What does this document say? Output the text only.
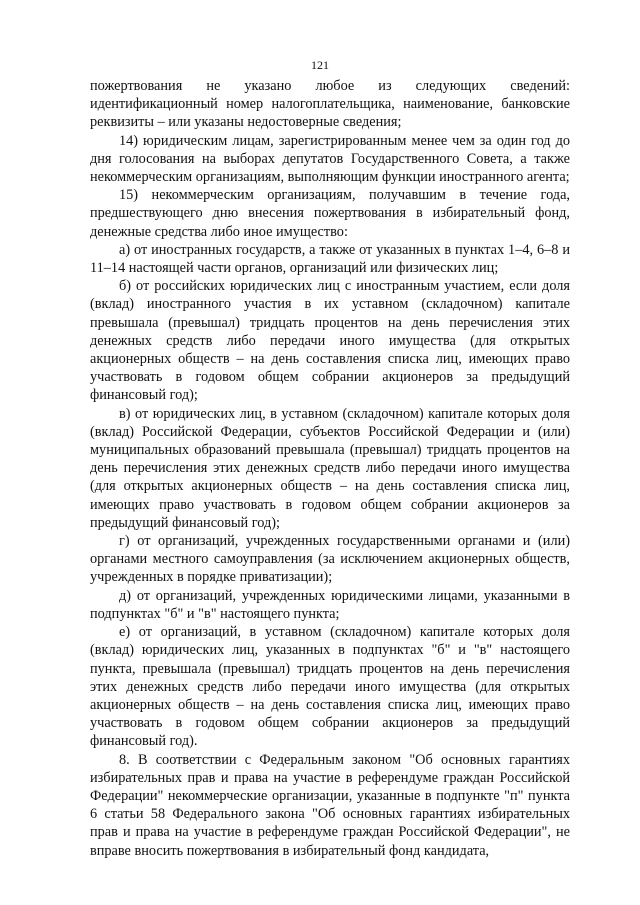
121

пожертвования не указано любое из следующих сведений: идентификационный номер налогоплательщика, наименование, банковские реквизиты – или указаны недостоверные сведения;

14) юридическим лицам, зарегистрированным менее чем за один год до дня голосования на выборах депутатов Государственного Совета, а также некоммерческим организациям, выполняющим функции иностранного агента;

15) некоммерческим организациям, получавшим в течение года, предшествующего дню внесения пожертвования в избирательный фонд, денежные средства либо иное имущество:

а) от иностранных государств, а также от указанных в пунктах 1–4, 6–8 и 11–14 настоящей части органов, организаций или физических лиц;

б) от российских юридических лиц с иностранным участием, если доля (вклад) иностранного участия в их уставном (складочном) капитале превышала (превышал) тридцать процентов на день перечисления этих денежных средств либо передачи иного имущества (для открытых акционерных обществ – на день составления списка лиц, имеющих право участвовать в годовом общем собрании акционеров за предыдущий финансовый год);

в) от юридических лиц, в уставном (складочном) капитале которых доля (вклад) Российской Федерации, субъектов Российской Федерации и (или) муниципальных образований превышала (превышал) тридцать процентов на день перечисления этих денежных средств либо передачи иного имущества (для открытых акционерных обществ – на день составления списка лиц, имеющих право участвовать в годовом общем собрании акционеров за предыдущий финансовый год);

г) от организаций, учрежденных государственными органами и (или) органами местного самоуправления (за исключением акционерных обществ, учрежденных в порядке приватизации);

д) от организаций, учрежденных юридическими лицами, указанными в подпунктах "б" и "в" настоящего пункта;

е) от организаций, в уставном (складочном) капитале которых доля (вклад) юридических лиц, указанных в подпунктах "б" и "в" настоящего пункта, превышала (превышал) тридцать процентов на день перечисления этих денежных средств либо передачи иного имущества (для открытых акционерных обществ – на день составления списка лиц, имеющих право участвовать в годовом общем собрании акционеров за предыдущий финансовый год).

8. В соответствии с Федеральным законом "Об основных гарантиях избирательных прав и права на участие в референдуме граждан Российской Федерации" некоммерческие организации, указанные в подпункте "п" пункта 6 статьи 58 Федерального закона "Об основных гарантиях избирательных прав и права на участие в референдуме граждан Российской Федерации", не вправе вносить пожертвования в избирательный фонд кандидата,
